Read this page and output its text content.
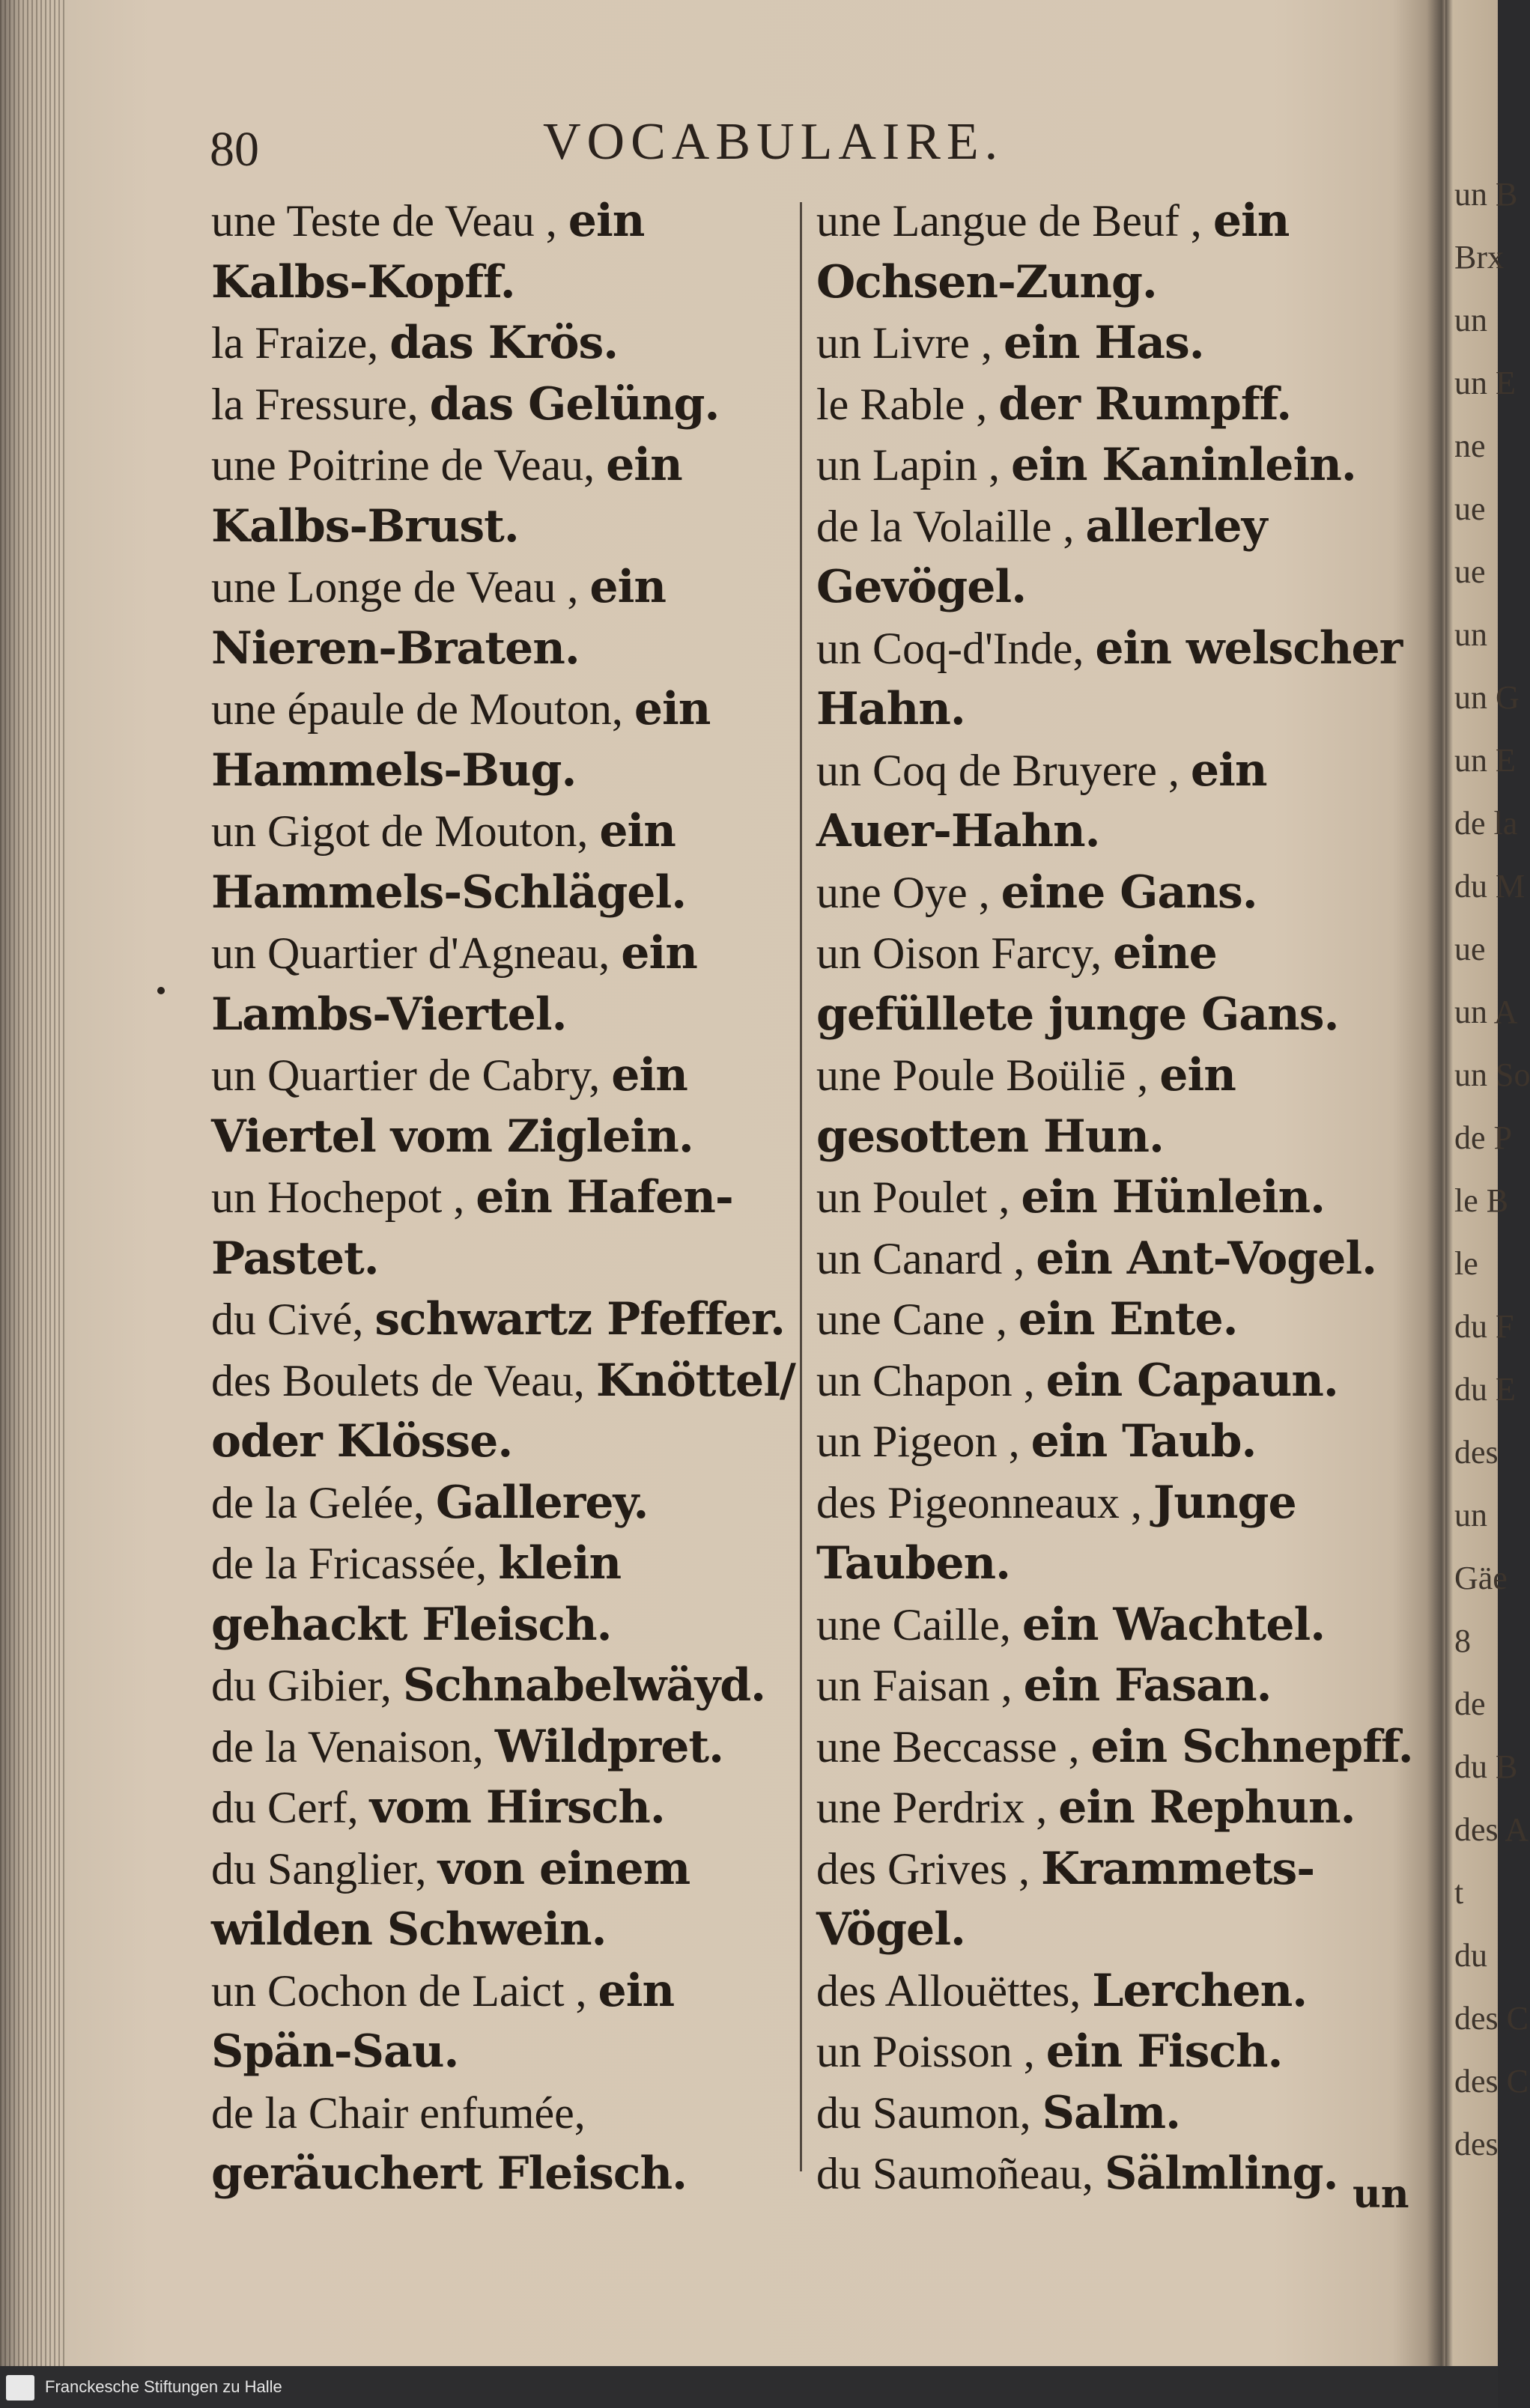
80	VOCABULAIRE.

une Teste de Veau , ein Kalbs-Kopff.

la Fraize, das Krös.

la Fressure, das Gelüng.

une Poitrine de Veau, ein Kalbs-Brust.

une Longe de Veau , ein Nieren-Braten.

une épaule de Mouton, ein Hammels-Bug.

un Gigot de Mouton, ein Hammels-Schlägel.

un Quartier d'Agneau, ein Lambs-Viertel.

un Quartier de Cabry, ein Viertel vom Ziglein.

un Hochepot , ein Hafen-Pastet.

du Civé, schwartz Pfeffer.

des Boulets de Veau, Knöttel/ oder Klösse.

de la Gelée, Gallerey.

de la Fricassée, klein gehackt Fleisch.

du Gibier, Schnabelwäyd.

de la Venaison, Wildpret.

du Cerf, vom Hirsch.

du Sanglier, von einem wilden Schwein.

un Cochon de Laict , ein Spän-Sau.

de la Chair enfumée, geräuchert Fleisch.

une Langue de Beuf , ein Ochsen-Zung.

un Livre , ein Has.

le Rable , der Rumpff.

un Lapin , ein Kaninlein.

de la Volaille , allerley Gevögel.

un Coq-d'Inde, ein welscher Hahn.

un Coq de Bruyere , ein Auer-Hahn.

une Oye , eine Gans.

un Oison Farcy, eine gefüllete junge Gans.

une Poule Boüliē , ein gesotten Hun.

un Poulet , ein Hünlein.

un Canard , ein Ant-Vogel.

une Cane , ein Ente.

un Chapon , ein Capaun.

un Pigeon , ein Taub.

des Pigeonneaux , Junge Tauben.

une Caille, ein Wachtel.

un Faisan , ein Fasan.

une Beccasse , ein Schnepff.

une Perdrix , ein Rephun.

des Grives , Krammets-Vögel.

des Allouëttes, Lerchen.

un Poisson , ein Fisch.

du Saumon, Salm.

du Saumoñeau, Sälmling. un
un B
Brx
un
un E
ne
ue
ue
un
un G
un E
de la
du M
ue
un A
un So
de P
le B
le
du F
du E
des
un
Gäe
8
de
du B
des A
t
du
des C
des C
des
Franckesche Stiftungen zu Halle
